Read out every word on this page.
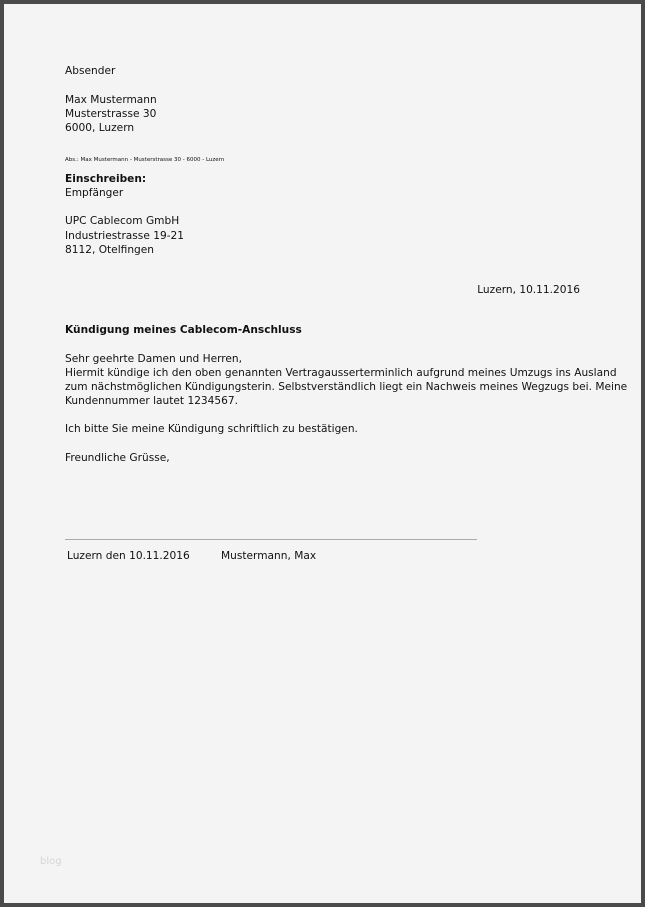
Absender
Max Mustermann
Musterstrasse 30
6000, Luzern
Abs.: Max Mustermann - Musterstrasse 30 - 6000 - Luzern
Einschreiben:
Empfänger
UPC Cablecom GmbH
Industriestrasse 19-21
8112, Otelfingen
Luzern, 10.11.2016
Kündigung meines Cablecom-Anschluss
Sehr geehrte Damen und Herren,
Hiermit kündige ich den oben genannten Vertragausserterminlich aufgrund meines Umzugs ins Ausland
zum nächstmöglichen Kündigungsterin. Selbstverständlich liegt ein Nachweis meines Wegzugs bei. Meine
Kundennummer lautet 1234567.
Ich bitte Sie meine Kündigung schriftlich zu bestätigen.
Freundliche Grüsse,
Luzern den 10.11.2016	Mustermann, Max
blog
